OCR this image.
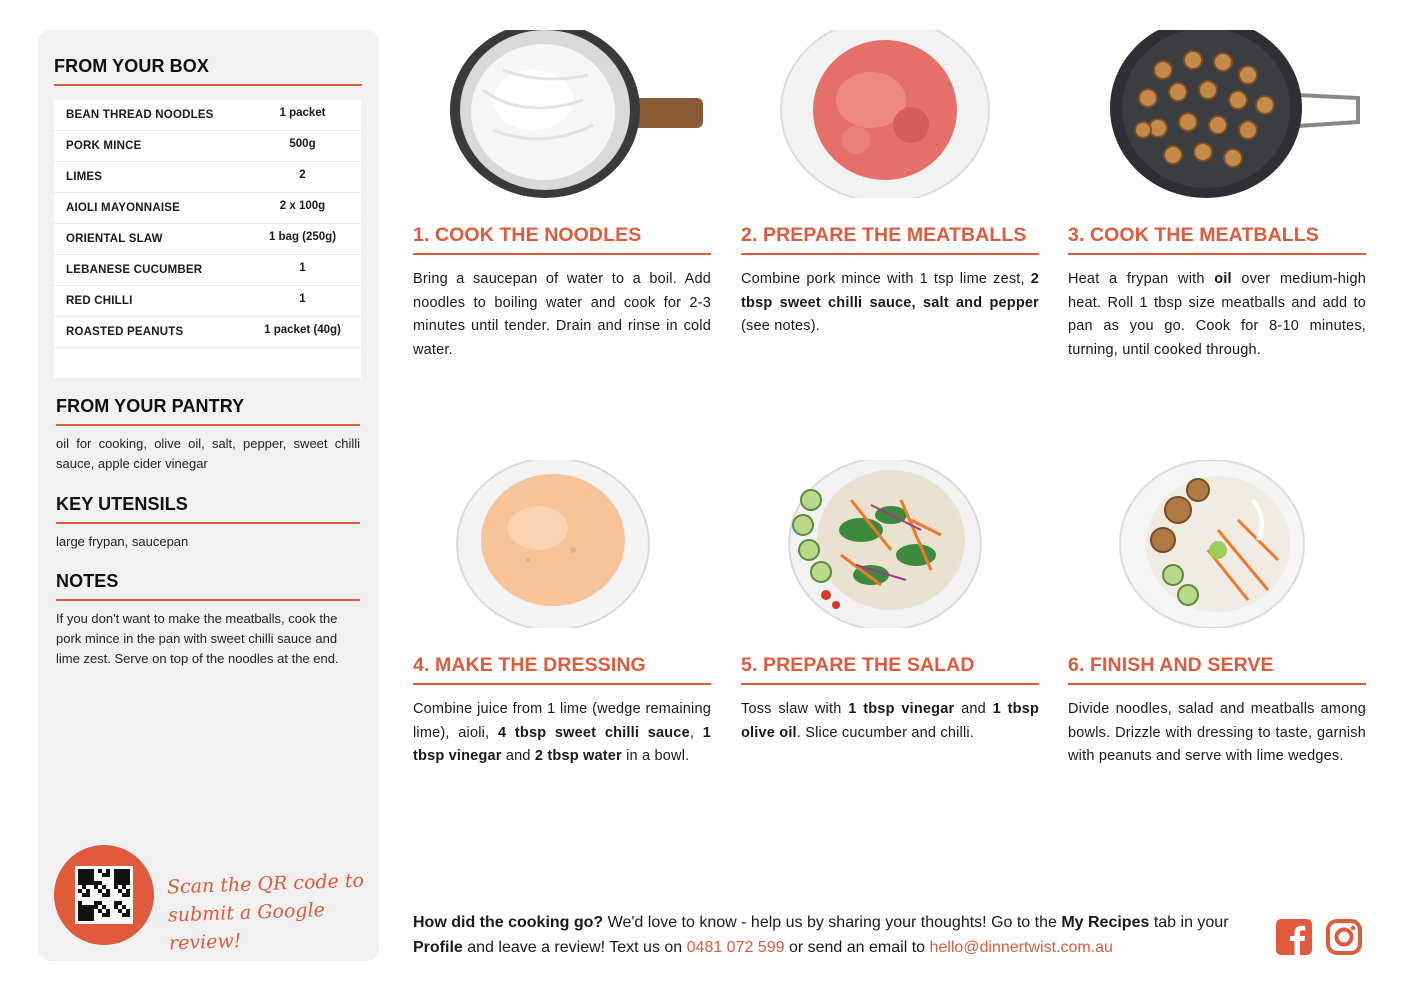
FROM YOUR BOX
BEAN THREAD NOODLES	1 packet
PORK MINCE	500g
LIMES	2
AIOLI MAYONNAISE	2 x 100g
ORIENTAL SLAW	1 bag (250g)
LEBANESE CUCUMBER	1
RED CHILLI	1
ROASTED PEANUTS	1 packet (40g)
FROM YOUR PANTRY
oil for cooking, olive oil, salt, pepper, sweet chilli sauce, apple cider vinegar
KEY UTENSILS
large frypan, saucepan
NOTES
If you don't want to make the meatballs, cook the pork mince in the pan with sweet chilli sauce and lime zest. Serve on top of the noodles at the end.
Scan the QR code to
submit a Google review!
1. COOK THE NOODLES
Bring a saucepan of water to a boil. Add noodles to boiling water and cook for 2-3 minutes until tender. Drain and rinse in cold water.
2. PREPARE THE MEATBALLS
Combine pork mince with 1 tsp lime zest, 2 tbsp sweet chilli sauce, salt and pepper (see notes).
3. COOK THE MEATBALLS
Heat a frypan with oil over medium-high heat. Roll 1 tbsp size meatballs and add to pan as you go. Cook for 8-10 minutes, turning, until cooked through.
4. MAKE THE DRESSING
Combine juice from 1 lime (wedge remaining lime), aioli, 4 tbsp sweet chilli sauce, 1 tbsp vinegar and 2 tbsp water in a bowl.
5. PREPARE THE SALAD
Toss slaw with 1 tbsp vinegar and 1 tbsp olive oil. Slice cucumber and chilli.
6. FINISH AND SERVE
Divide noodles, salad and meatballs among bowls. Drizzle with dressing to taste, garnish with peanuts and serve with lime wedges.
How did the cooking go? We'd love to know - help us by sharing your thoughts! Go to the My Recipes tab in your Profile and leave a review! Text us on 0481 072 599 or send an email to hello@dinnertwist.com.au
